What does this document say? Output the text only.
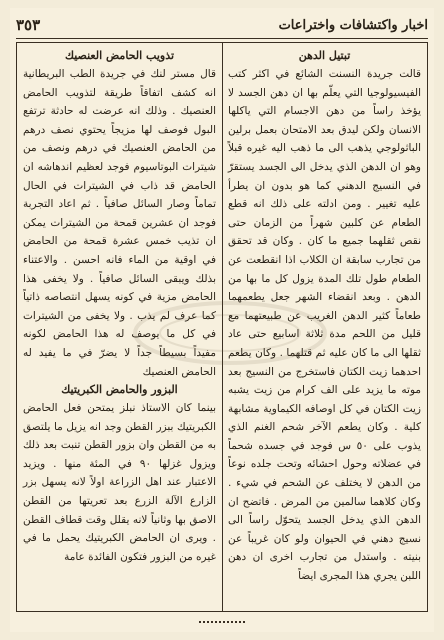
اخبار واكتشافات واختراعات
٣٥٣

تبتيل الدهن

قالت جريدة النسنت الشائع في اكثر كتب الفيسيولوجيا التي يعلّم بها ان دهن الجسد لا يؤخذ راساً من دهن الاجسام التي ياكلها الانسان ولكن ليدق بعد الامتحان بعمل برلين الباثولوجي يذهب الى ما ذهب اليه غيره قبلاً وهو ان الدهن الذي يدخل الى الجسد يستقرّ في النسيج الدهني كما هو بدون ان يطرأ عليه تغيير . ومن ادلته على ذلك انه قطع الطعام عن كلبين شهراً من الزمان حتى نقص ثقلهما جميع ما كان . وكان قد تحقق من تجارب سابقة ان الكلاب اذا انقطعت عن الطعام طول تلك المدة يزول كل ما بها من الدهن . وبعد انقضاء الشهر جعل يطعمهما طعاماً كثير الدهن الغريب عن طبيعتهما مع قليل من اللحم مدة ثلاثة اسابيع حتى عاد ثقلها الى ما كان عليه ثم قتلهما . وكان يطعم احدهما زيت الكتان فاستخرج من النسيج بعد موته ما يزيد على الف كرام من زيت يشبه زيت الكتان في كل اوصافه الكيماوية مشابهة كلية . وكان يطعم الآخر شحم الغنم الذي يذوب على ٥٠ س فوجد في جسده شحماً في عضلاته وحول احشائه وتحت جلده نوعاً من الدهن لا يختلف عن الشحم في شيء . وكان كلاهما سالمين من المرض . فاتضح ان الدهن الذي يدخل الجسد يتحوّل راساً الى نسيج دهني في الحيوان ولو كان غريباً عن بنيته . واستدل من تجارب اخرى ان دهن اللبن يجري هذا المجرى ايضاً

تذويب الحامض العنصيك

قال مستر لنك في جريدة الطب البريطانية انه كشف اتفاقاً طريقة لتذويب الحامض العنصيك . وذلك انه عرضت له حادثة ترتفع البول فوصف لها مزيجاً يحتوي نصف درهم من الحامض العنصيك في درهم ونصف من شيترات البوتاسيوم فوجد لعظيم اندهاشه ان الحامض قد ذاب في الشيترات في الحال تماماً وصار السائل صافياً . ثم اعاد التجربة فوجد ان عشرين قمحة من الشيترات يمكن ان تذيب خمس عشرة قمحة من الحامض في اوقية من الماء فانه احسن . والاعتناء بذلك ويبقى السائل صافياً . ولا يخفى هذا الحامض مزية في كونه يسهل انتصاصه ذاتياً كما عرف لم يذب . ولا يخفى من الشيترات في كل ما يوصف له هذا الحامض لكونه مفيداً بسيطاً جداً لا يضرّ في ما يفيد له الحامض العنصيك

البزور والحامض الكبريتيك

بينما كان الاستاذ نبلز يمتحن فعل الحامض الكبريتيك ببزر القطن وجد انه يزيل ما يلتصق به من القطن وان بزور القطن تنبت بعد ذلك ويزول غزلها ٩٠ في المئة منها . ويزيد الاعتبار عند اهل الزراعة اولاً لانه يسهل بزر الزارع الآلة الزرع بعد تعريتها من القطن الاصق بها وثانياً لانه يقلل وقت قطاف القطن . ويرى ان الحامض الكبريتيك يحمل ما في غيره من البزور فتكون الفائدة عامة
